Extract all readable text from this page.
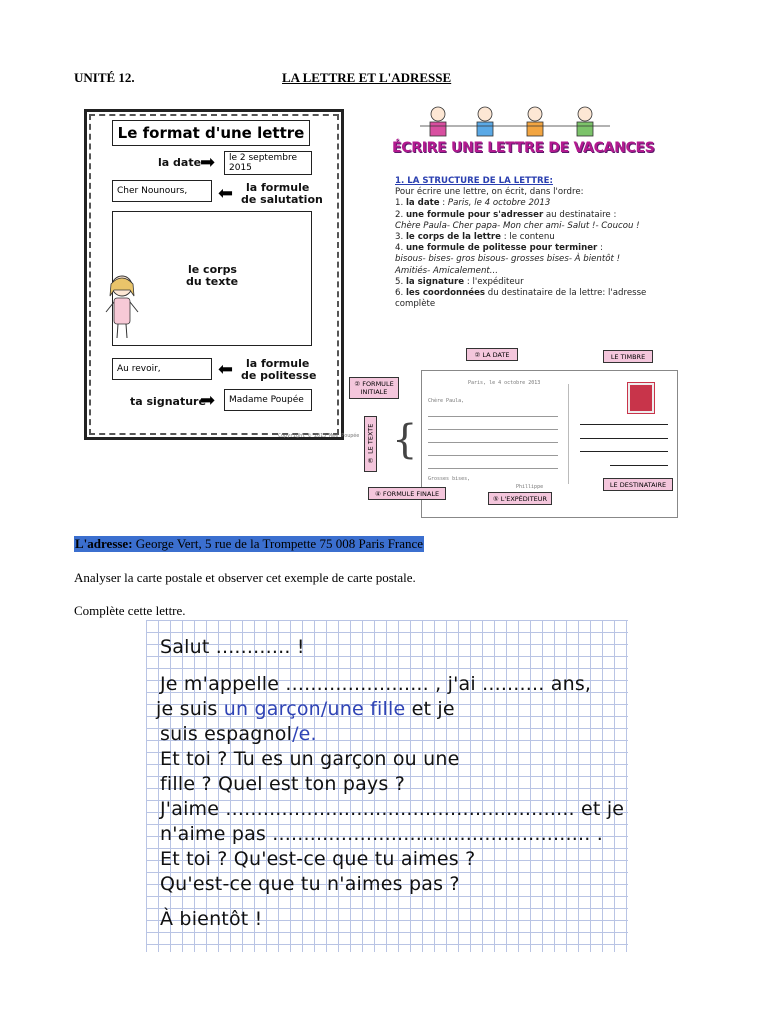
UNITÉ 12.	LA LETTRE ET L'ADRESSE
Le format d'une lettre
la date
➡	le 2 septembre 2015
Cher Nounours,	⬅ la formule
de salutation
le corps
du texte
Au revoir,	⬅ la formule
de politesse
ta signature
➡	Madame Poupée
Copyright © 2015 Mme Poupée
ÉCRIRE UNE LETTRE DE VACANCES
1. LA STRUCTURE DE LA LETTRE:
Pour écrire une lettre, on écrit, dans l'ordre:
1. la date : Paris, le 4 octobre 2013
2. une formule pour s'adresser au destinataire :
Chère Paula- Cher papa- Mon cher ami- Salut !- Coucou !
3. le corps de la lettre : le contenu
4. une formule de politesse pour terminer :
bisous- bises- gros bisous- grosses bises- À bientôt ! Amitiés- Amicalement...
5. la signature : l'expéditeur
6. les coordonnées du destinataire de la lettre: l'adresse complète
② LA DATE	LE TIMBRE
② FORMULE
INITIALE
Paris, le 4 octobre 2013
Chère Paula,
Grosses bises,
Phillippe
③ LE TEXTE {
④ FORMULE FINALE
⑤ L'EXPÉDITEUR
LE DESTINATAIRE
L'adresse: George Vert, 5 rue de la Trompette 75 008 Paris France
Analyser la carte postale et observer cet exemple de carte postale.
Complète cette lettre.
Salut ............ !
Je m'appelle ....................... , j'ai .......... ans,
je suis un garçon/une fille et je
suis espagnol/e.
Et toi ? Tu es un garçon ou une
fille ? Quel est ton pays ?
J'aime ........................................................ et je
n'aime pas ................................................... .
Et toi ? Qu'est-ce que tu aimes ?
Qu'est-ce que tu n'aimes pas ?
À bientôt !
